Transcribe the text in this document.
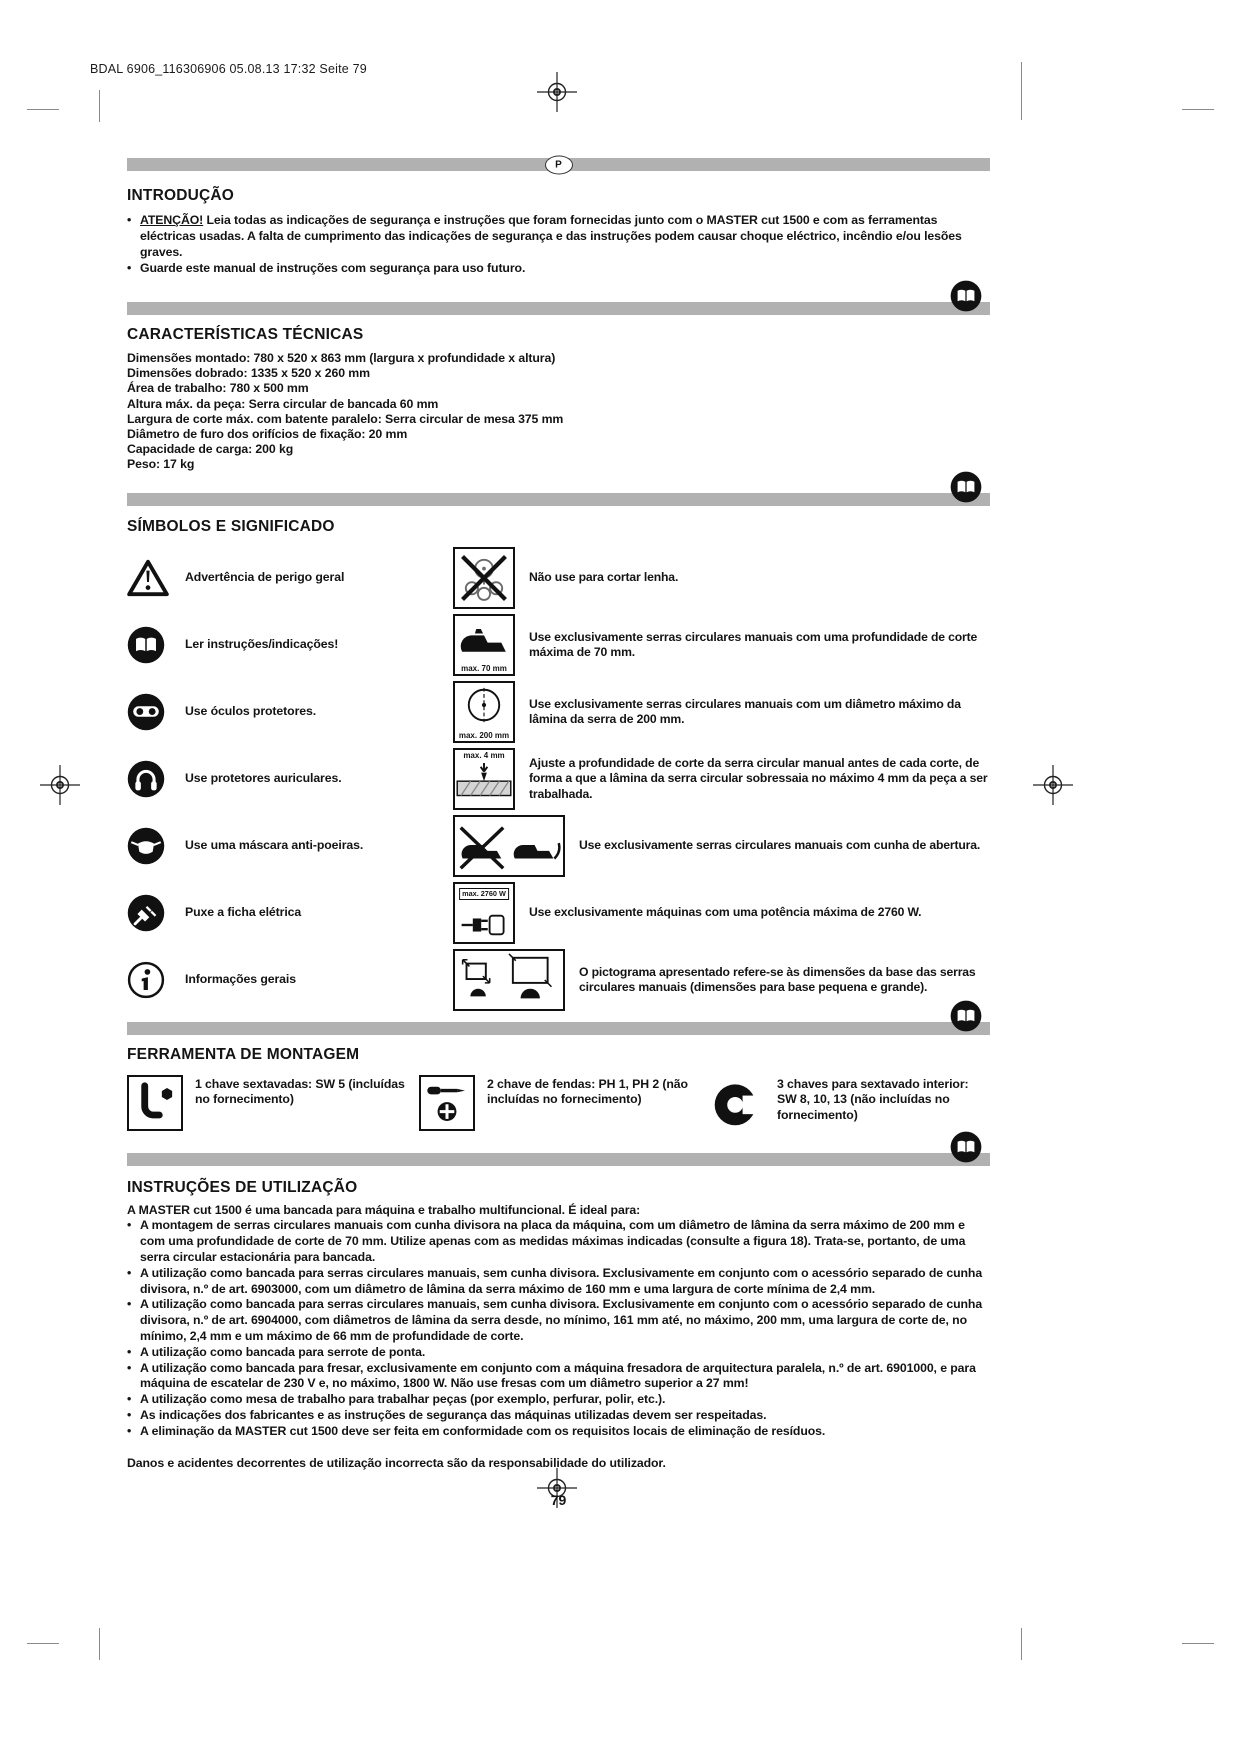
BDAL 6906_116306906 05.08.13 17:32 Seite 79
P
INTRODUÇÃO
• ATENÇÃO! Leia todas as indicações de segurança e instruções que foram fornecidas junto com o MASTER cut 1500 e com as ferramentas eléctricas usadas. A falta de cumprimento das indicações de segurança e das instruções podem causar choque eléctrico, incêndio e/ou lesões graves.
• Guarde este manual de instruções com segurança para uso futuro.
CARACTERÍSTICAS TÉCNICAS
Dimensões montado: 780 x 520 x 863 mm (largura x profundidade x altura)
Dimensões dobrado: 1335 x 520 x 260 mm
Área de trabalho: 780 x 500 mm
Altura máx. da peça: Serra circular de bancada 60 mm
Largura de corte máx. com batente paralelo: Serra circular de mesa 375 mm
Diâmetro de furo dos orifícios de fixação: 20 mm
Capacidade de carga: 200 kg
Peso: 17 kg
SÍMBOLOS E SIGNIFICADO
Advertência de perigo geral	Não use para cortar lenha.
Ler instruções/indicações!
max. 70 mm
Use exclusivamente serras circulares manuais com uma profundidade de corte máxima de 70 mm.
Use óculos protetores.
max. 200 mm
Use exclusivamente serras circulares manuais com um diâmetro máximo da lâmina da serra de 200 mm.
Use protetores auriculares.
max. 4 mm
Ajuste a profundidade de corte da serra circular manual antes de cada corte, de forma a que a lâmina da serra circular sobressaia no máximo 4 mm da peça a ser trabalhada.
Use uma máscara anti-poeiras.	Use exclusivamente serras circulares manuais com cunha de abertura.
Puxe a ficha elétrica
max. 2760 W
Use exclusivamente máquinas com uma potência máxima de 2760 W.
Informações gerais
O pictograma apresentado refere-se às dimensões da base das serras circulares manuais (dimensões para base pequena e grande).
FERRAMENTA DE MONTAGEM
1 chave sextavadas: SW 5 (incluídas no fornecimento)
2 chave de fendas: PH 1, PH 2 (não incluídas no fornecimento)
3 chaves para sextavado interior: SW 8, 10, 13 (não incluídas no fornecimento)
INSTRUÇÕES DE UTILIZAÇÃO
A MASTER cut 1500 é uma bancada para máquina e trabalho multifuncional. É ideal para:
• A montagem de serras circulares manuais com cunha divisora na placa da máquina, com um diâmetro de lâmina da serra máximo de 200 mm e com uma profundidade de corte de 70 mm. Utilize apenas com as medidas máximas indicadas (consulte a figura 18). Trata-se, portanto, de uma serra circular estacionária para bancada.
• A utilização como bancada para serras circulares manuais, sem cunha divisora. Exclusivamente em conjunto com o acessório separado de cunha divisora, n.º de art. 6903000, com um diâmetro de lâmina da serra máximo de 160 mm e uma largura de corte mínima de 2,4 mm.
• A utilização como bancada para serras circulares manuais, sem cunha divisora. Exclusivamente em conjunto com o acessório separado de cunha divisora, n.º de art. 6904000, com diâmetros de lâmina da serra desde, no mínimo, 161 mm até, no máximo, 200 mm, uma largura de corte de, no mínimo, 2,4 mm e um máximo de 66 mm de profundidade de corte.
• A utilização como bancada para serrote de ponta.
• A utilização como bancada para fresar, exclusivamente em conjunto com a máquina fresadora de arquitectura paralela, n.º de art. 6901000, e para máquina de escatelar de 230 V e, no máximo, 1800 W. Não use fresas com um diâmetro superior a 27 mm!
• A utilização como mesa de trabalho para trabalhar peças (por exemplo, perfurar, polir, etc.).
• As indicações dos fabricantes e as instruções de segurança das máquinas utilizadas devem ser respeitadas.
• A eliminação da MASTER cut 1500 deve ser feita em conformidade com os requisitos locais de eliminação de resíduos.
Danos e acidentes decorrentes de utilização incorrecta são da responsabilidade do utilizador.
79
